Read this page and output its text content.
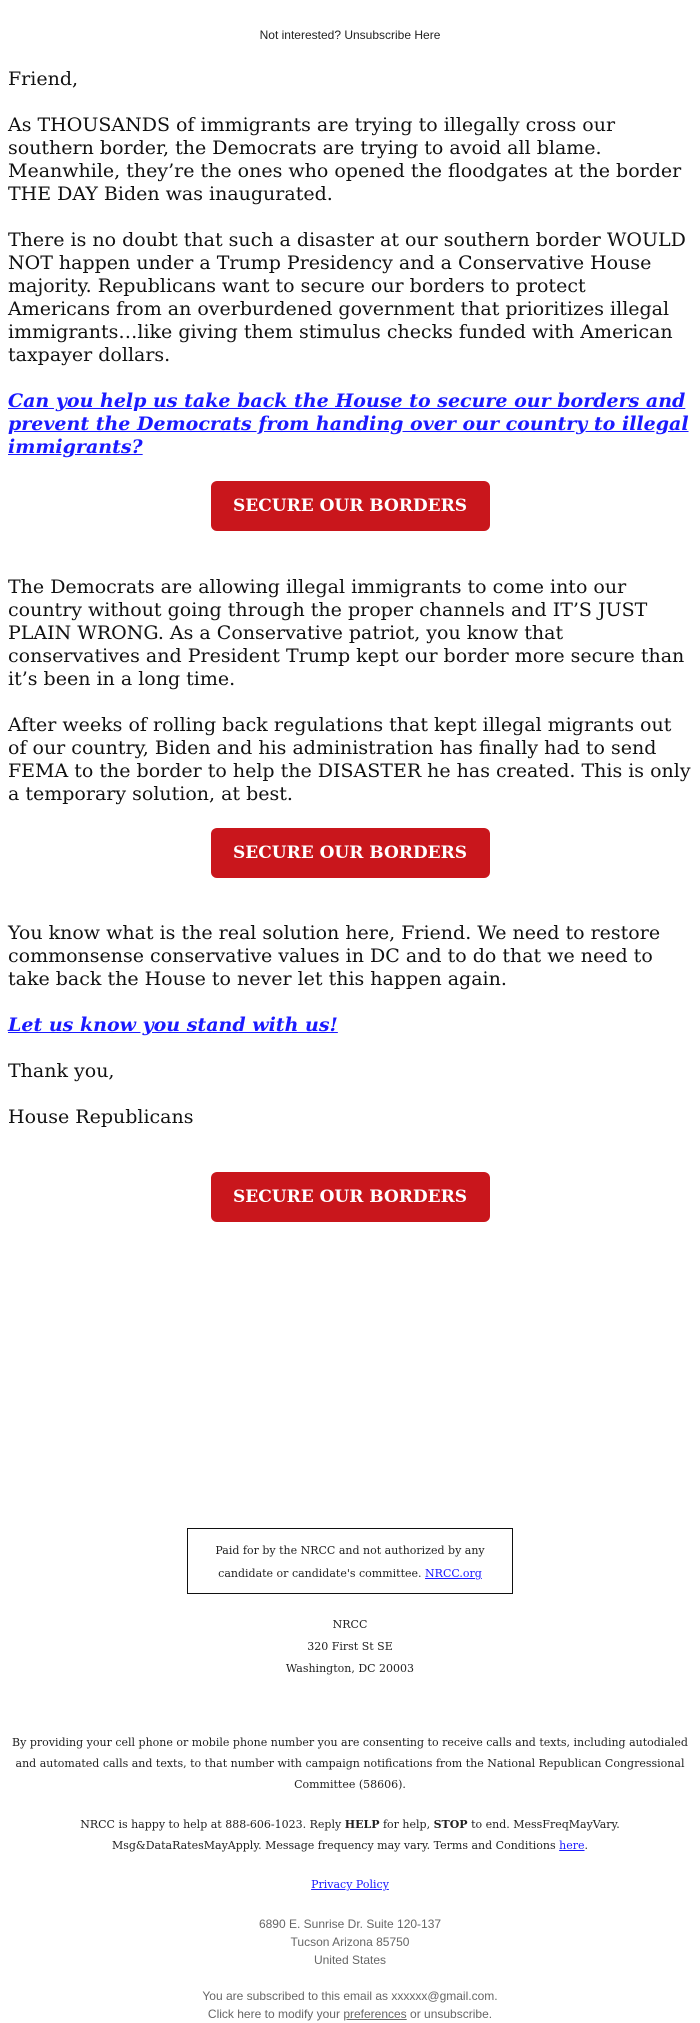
Not interested? Unsubscribe Here

Friend,

As THOUSANDS of immigrants are trying to illegally cross our southern border, the Democrats are trying to avoid all blame. Meanwhile, they’re the ones who opened the floodgates at the border THE DAY Biden was inaugurated.

There is no doubt that such a disaster at our southern border WOULD NOT happen under a Trump Presidency and a Conservative House majority. Republicans want to secure our borders to protect Americans from an overburdened government that prioritizes illegal immigrants…like giving them stimulus checks funded with American taxpayer dollars.

Can you help us take back the House to secure our borders and prevent the Democrats from handing over our country to illegal immigrants?

SECURE OUR BORDERS

The Democrats are allowing illegal immigrants to come into our country without going through the proper channels and IT’S JUST PLAIN WRONG. As a Conservative patriot, you know that conservatives and President Trump kept our border more secure than it’s been in a long time.

After weeks of rolling back regulations that kept illegal migrants out of our country, Biden and his administration has finally had to send FEMA to the border to help the DISASTER he has created. This is only a temporary solution, at best.

SECURE OUR BORDERS

You know what is the real solution here, Friend. We need to restore commonsense conservative values in DC and to do that we need to take back the House to never let this happen again.

Let us know you stand with us!

Thank you,

House Republicans

SECURE OUR BORDERS
Paid for by the NRCC and not authorized by any candidate or candidate's committee. NRCC.org
NRCC
320 First St SE
Washington, DC 20003
By providing your cell phone or mobile phone number you are consenting to receive calls and texts, including autodialed and automated calls and texts, to that number with campaign notifications from the National Republican Congressional Committee (58606).
NRCC is happy to help at 888-606-1023. Reply HELP for help, STOP to end. MessFreqMayVary. Msg&DataRatesMayApply. Message frequency may vary. Terms and Conditions here.
Privacy Policy
6890 E. Sunrise Dr. Suite 120-137
Tucson Arizona 85750
United States
You are subscribed to this email as xxxxxx@gmail.com.
Click here to modify your preferences or unsubscribe.
